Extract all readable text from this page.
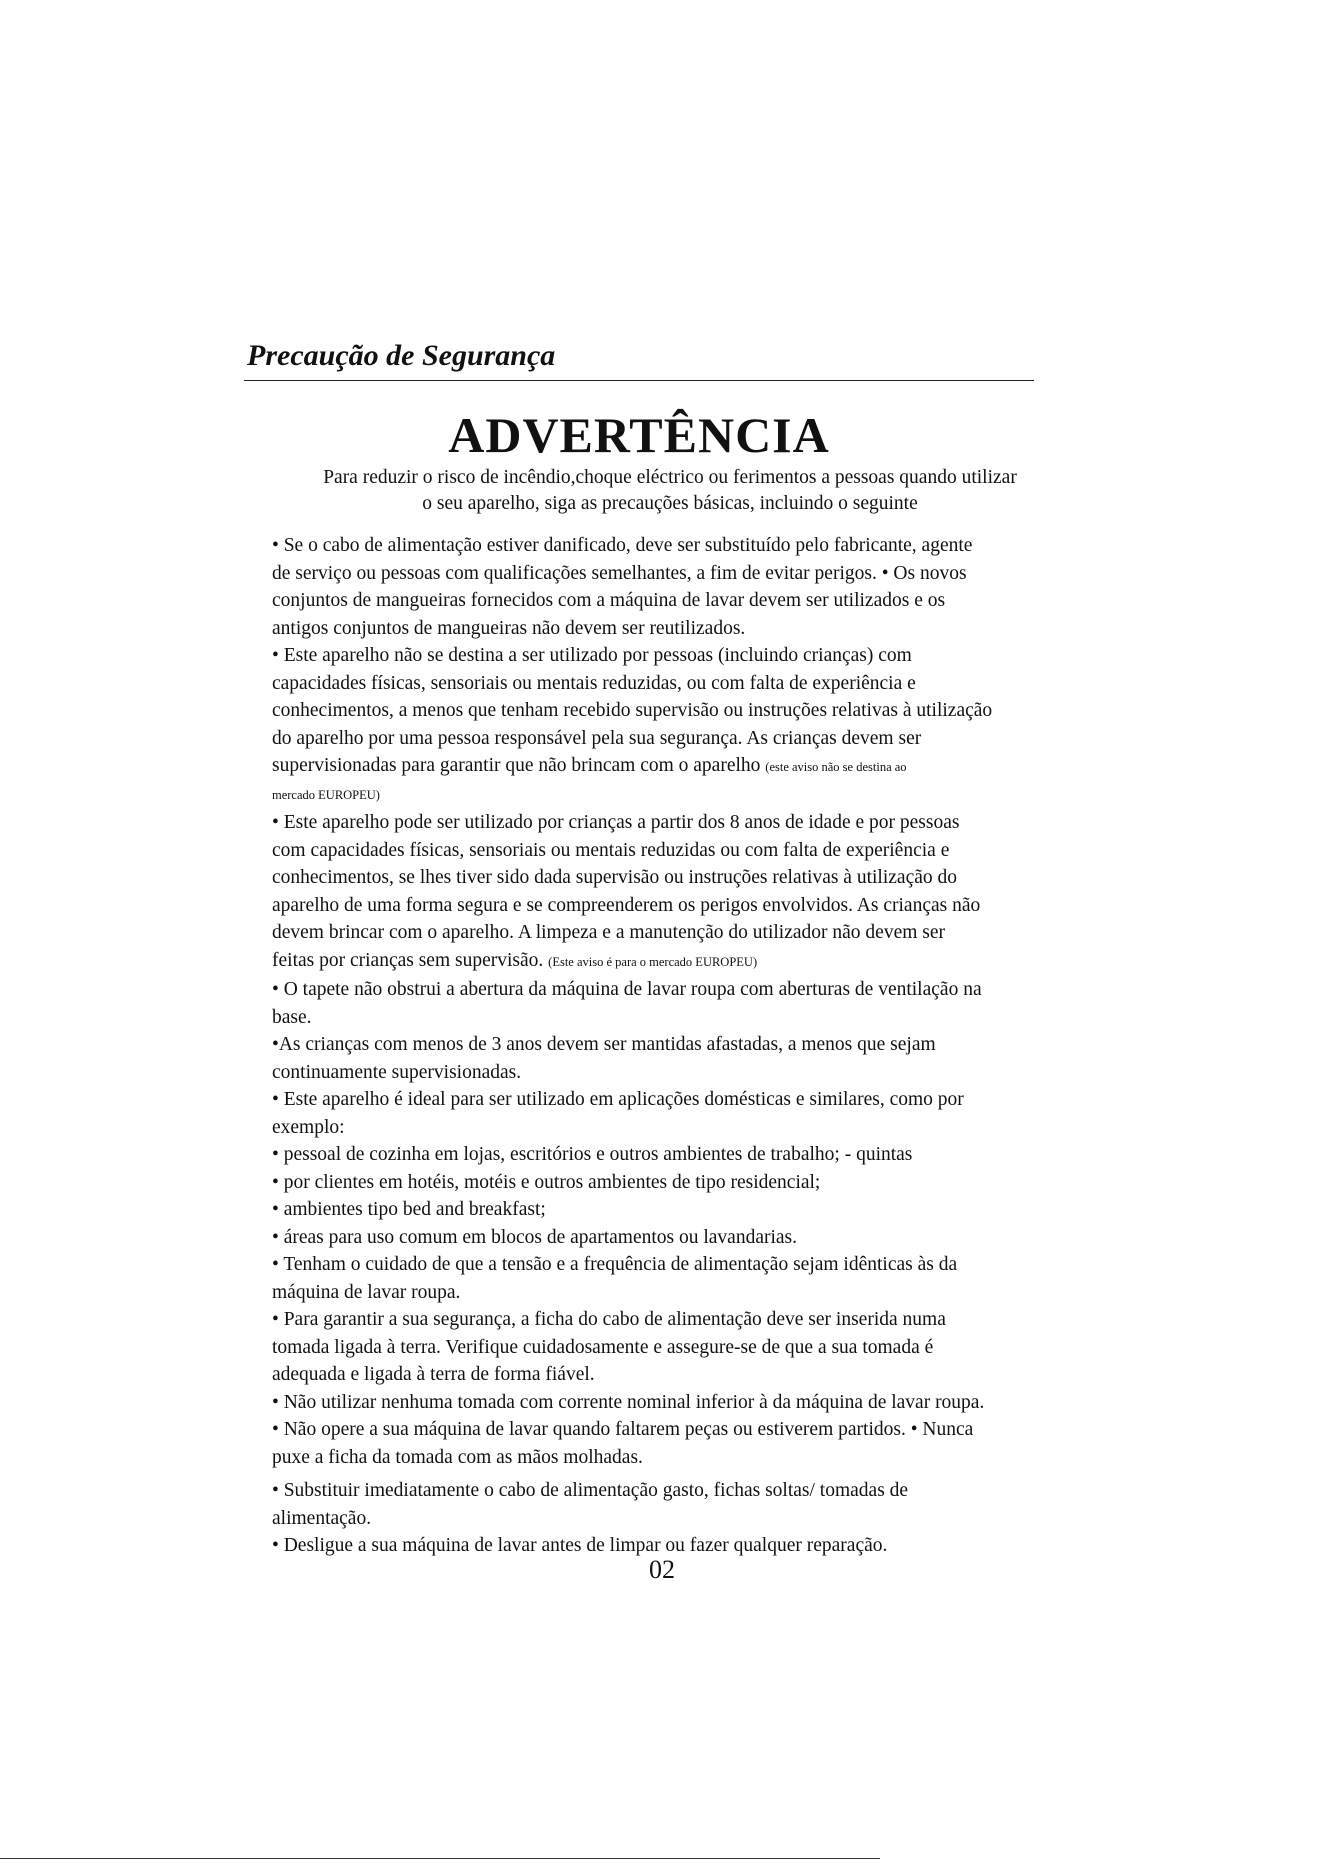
Precaução de Segurança
ADVERTÊNCIA
Para reduzir o risco de incêndio,choque eléctrico ou ferimentos a pessoas quando utilizar
o seu aparelho, siga as precauções básicas, incluindo o seguinte
• Se o cabo de alimentação estiver danificado, deve ser substituído pelo fabricante, agente
de serviço ou pessoas com qualificações semelhantes, a fim de evitar perigos. • Os novos
conjuntos de mangueiras fornecidos com a máquina de lavar devem ser utilizados e os
antigos conjuntos de mangueiras não devem ser reutilizados.
• Este aparelho não se destina a ser utilizado por pessoas (incluindo crianças) com
capacidades físicas, sensoriais ou mentais reduzidas, ou com falta de experiência e
conhecimentos, a menos que tenham recebido supervisão ou instruções relativas à utilização
do aparelho por uma pessoa responsável pela sua segurança. As crianças devem ser
supervisionadas para garantir que não brincam com o aparelho (este aviso não se destina ao
mercado EUROPEU)
• Este aparelho pode ser utilizado por crianças a partir dos 8 anos de idade e por pessoas
com capacidades físicas, sensoriais ou mentais reduzidas ou com falta de experiência e
conhecimentos, se lhes tiver sido dada supervisão ou instruções relativas à utilização do
aparelho de uma forma segura e se compreenderem os perigos envolvidos. As crianças não
devem brincar com o aparelho. A limpeza e a manutenção do utilizador não devem ser
feitas por crianças sem supervisão. (Este aviso é para o mercado EUROPEU)
• O tapete não obstrui a abertura da máquina de lavar roupa com aberturas de ventilação na
base.
•As crianças com menos de 3 anos devem ser mantidas afastadas, a menos que sejam
continuamente supervisionadas.
• Este aparelho é ideal para ser utilizado em aplicações domésticas e similares, como por
exemplo:
• pessoal de cozinha em lojas, escritórios e outros ambientes de trabalho; - quintas
• por clientes em hotéis, motéis e outros ambientes de tipo residencial;
• ambientes tipo bed and breakfast;
• áreas para uso comum em blocos de apartamentos ou lavandarias.
• Tenham o cuidado de que a tensão e a frequência de alimentação sejam idênticas às da
máquina de lavar roupa.
• Para garantir a sua segurança, a ficha do cabo de alimentação deve ser inserida numa
tomada ligada à terra. Verifique cuidadosamente e assegure-se de que a sua tomada é
adequada e ligada à terra de forma fiável.
• Não utilizar nenhuma tomada com corrente nominal inferior à da máquina de lavar roupa.
• Não opere a sua máquina de lavar quando faltarem peças ou estiverem partidos. • Nunca
puxe a ficha da tomada com as mãos molhadas.
• Substituir imediatamente o cabo de alimentação gasto, fichas soltas/ tomadas de
alimentação.
• Desligue a sua máquina de lavar antes de limpar ou fazer qualquer reparação.
02
